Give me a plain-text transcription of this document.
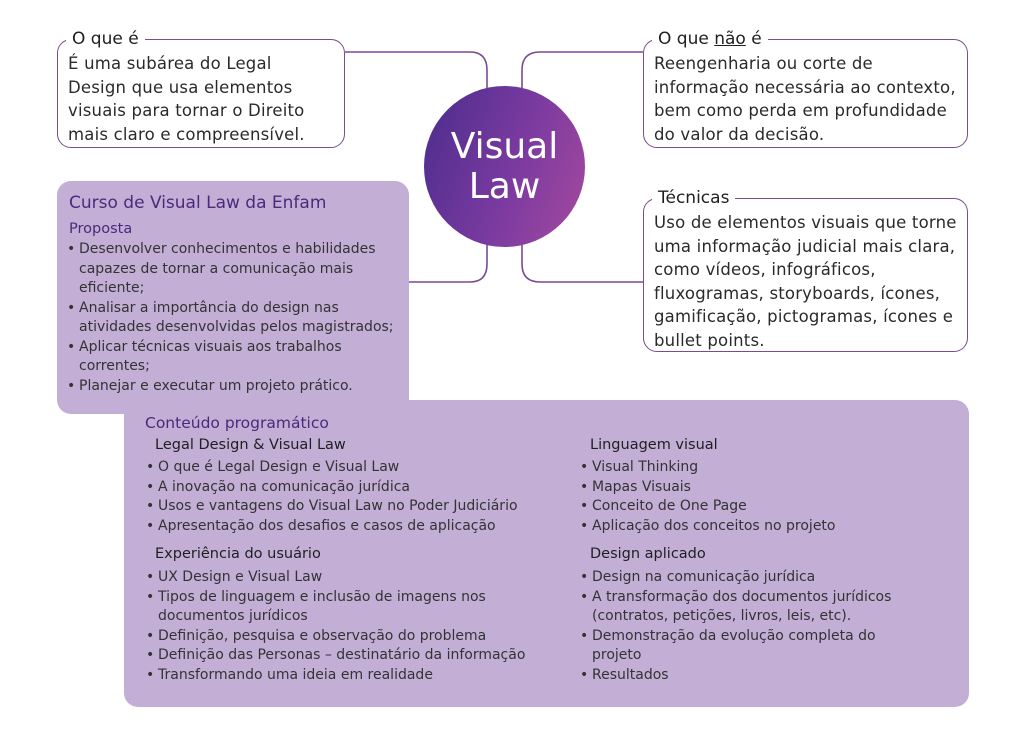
O que é
É uma subárea do Legal Design que usa elementos visuais para tornar o Direito mais claro e compreensível.
O que não é
Reengenharia ou corte de informação necessária ao contexto, bem como perda em profundidade do valor da decisão.
Técnicas
Uso de elementos visuais que torne uma informação judicial mais clara, como vídeos, infográficos, fluxogramas, storyboards, ícones, gamificação, pictogramas, ícones e bullet points.
Visual
Law
Curso de Visual Law da Enfam
Proposta
• Desenvolver conhecimentos e habilidades capazes de tornar a comunicação mais eficiente;
• Analisar a importância do design nas atividades desenvolvidas pelos magistrados;
• Aplicar técnicas visuais aos trabalhos correntes;
• Planejar e executar um projeto prático.
Conteúdo programático
Legal Design & Visual Law
• O que é Legal Design e Visual Law
• A inovação na comunicação jurídica
• Usos e vantagens do Visual Law no Poder Judiciário
• Apresentação dos desafios e casos de aplicação
Experiência do usuário
• UX Design e Visual Law
• Tipos de linguagem e inclusão de imagens nos documentos jurídicos
• Definição, pesquisa e observação do problema
• Definição das Personas – destinatário da informação
• Transformando uma ideia em realidade
Linguagem visual
• Visual Thinking
• Mapas Visuais
• Conceito de One Page
• Aplicação dos conceitos no projeto
Design aplicado
• Design na comunicação jurídica
• A transformação dos documentos jurídicos (contratos, petições, livros, leis, etc).
• Demonstração da evolução completa do projeto
• Resultados
